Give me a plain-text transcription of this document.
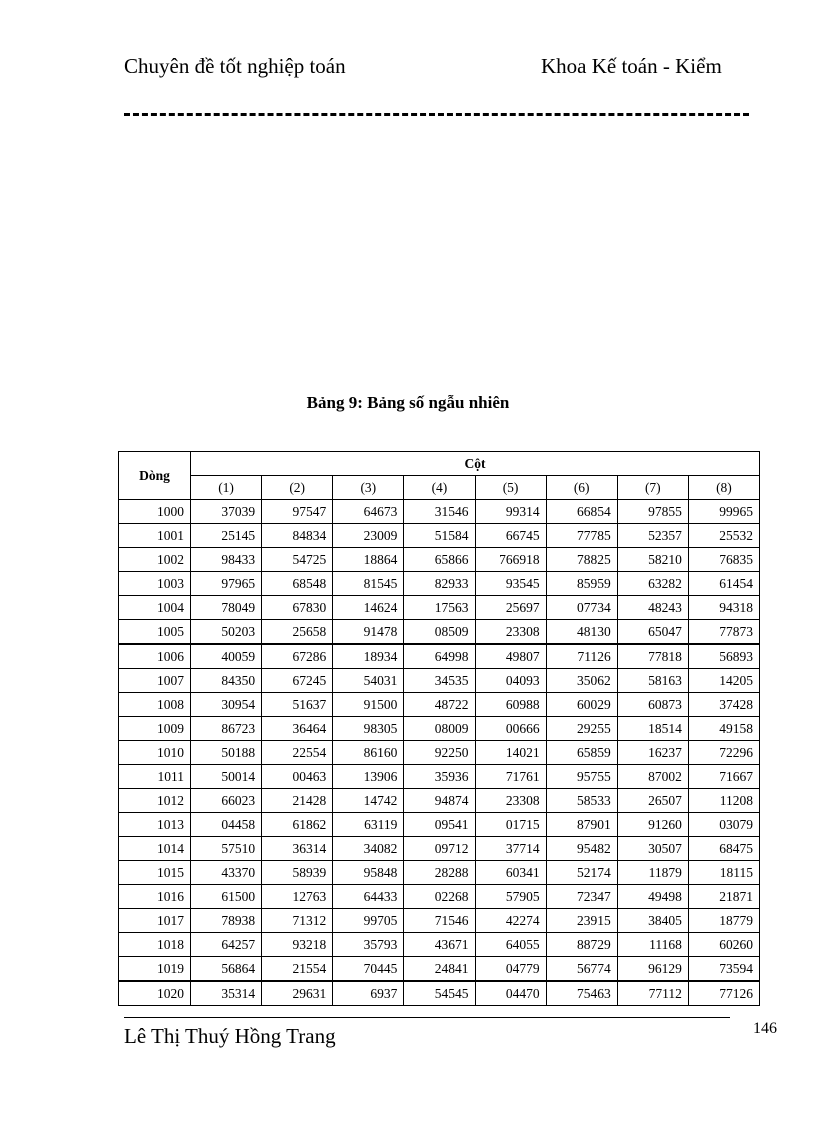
Chuyên đề tốt nghiệp toán	Khoa Kế toán - Kiểm
Bảng 9: Bảng số ngẫu nhiên
Dòng	Cột							
	(1)	(2)	(3)	(4)	(5)	(6)	(7)	(8)
1000	37039	97547	64673	31546	99314	66854	97855	99965
1001	25145	84834	23009	51584	66745	77785	52357	25532
1002	98433	54725	18864	65866	766918	78825	58210	76835
1003	97965	68548	81545	82933	93545	85959	63282	61454
1004	78049	67830	14624	17563	25697	07734	48243	94318
1005	50203	25658	91478	08509	23308	48130	65047	77873
1006	40059	67286	18934	64998	49807	71126	77818	56893
1007	84350	67245	54031	34535	04093	35062	58163	14205
1008	30954	51637	91500	48722	60988	60029	60873	37428
1009	86723	36464	98305	08009	00666	29255	18514	49158
1010	50188	22554	86160	92250	14021	65859	16237	72296
1011	50014	00463	13906	35936	71761	95755	87002	71667
1012	66023	21428	14742	94874	23308	58533	26507	11208
1013	04458	61862	63119	09541	01715	87901	91260	03079
1014	57510	36314	34082	09712	37714	95482	30507	68475
1015	43370	58939	95848	28288	60341	52174	11879	18115
1016	61500	12763	64433	02268	57905	72347	49498	21871
1017	78938	71312	99705	71546	42274	23915	38405	18779
1018	64257	93218	35793	43671	64055	88729	11168	60260
1019	56864	21554	70445	24841	04779	56774	96129	73594
1020	35314	29631	6937	54545	04470	75463	77112	77126
Lê Thị Thuý Hồng Trang	146
